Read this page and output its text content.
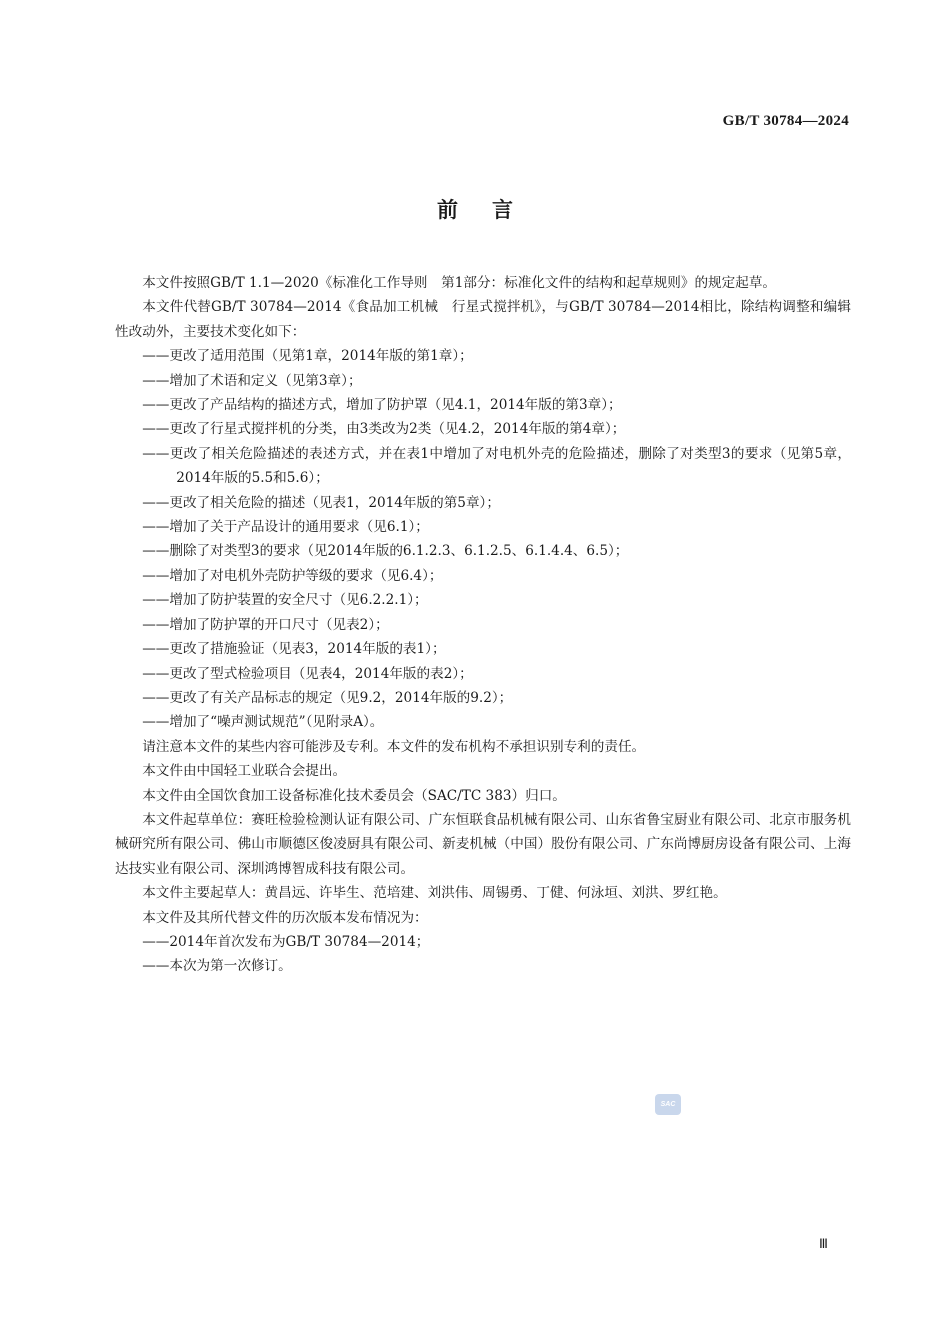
GB/T 30784—2024
前言

本文件按照GB/T 1.1—2020《标准化工作导则　第1部分：标准化文件的结构和起草规则》的规定起草。

本文件代替GB/T 30784—2014《食品加工机械　行星式搅拌机》，与GB/T 30784—2014相比，除结构调整和编辑性改动外，主要技术变化如下：

——更改了适用范围（见第1章，2014年版的第1章）；

——增加了术语和定义（见第3章）；

——更改了产品结构的描述方式，增加了防护罩（见4.1，2014年版的第3章）；

——更改了行星式搅拌机的分类，由3类改为2类（见4.2，2014年版的第4章）；

——更改了相关危险描述的表述方式，并在表1中增加了对电机外壳的危险描述，删除了对类型3的要求（见第5章，2014年版的5.5和5.6）；

——更改了相关危险的描述（见表1，2014年版的第5章）；

——增加了关于产品设计的通用要求（见6.1）；

——删除了对类型3的要求（见2014年版的6.1.2.3、6.1.2.5、6.1.4.4、6.5）；

——增加了对电机外壳防护等级的要求（见6.4）；

——增加了防护装置的安全尺寸（见6.2.2.1）；

——增加了防护罩的开口尺寸（见表2）；

——更改了措施验证（见表3，2014年版的表1）；

——更改了型式检验项目（见表4，2014年版的表2）；

——更改了有关产品标志的规定（见9.2，2014年版的9.2）；

——增加了“噪声测试规范”（见附录A）。

请注意本文件的某些内容可能涉及专利。本文件的发布机构不承担识别专利的责任。

本文件由中国轻工业联合会提出。

本文件由全国饮食加工设备标准化技术委员会（SAC/TC 383）归口。

本文件起草单位：赛旺检验检测认证有限公司、广东恒联食品机械有限公司、山东省鲁宝厨业有限公司、北京市服务机械研究所有限公司、佛山市顺德区俊凌厨具有限公司、新麦机械（中国）股份有限公司、广东尚博厨房设备有限公司、上海达技实业有限公司、深圳鸿博智成科技有限公司。

本文件主要起草人：黄昌远、许毕生、范培建、刘洪伟、周锡勇、丁健、何泳垣、刘洪、罗红艳。

本文件及其所代替文件的历次版本发布情况为：

——2014年首次发布为GB/T 30784—2014；

——本次为第一次修订。

SAC
Ⅲ
